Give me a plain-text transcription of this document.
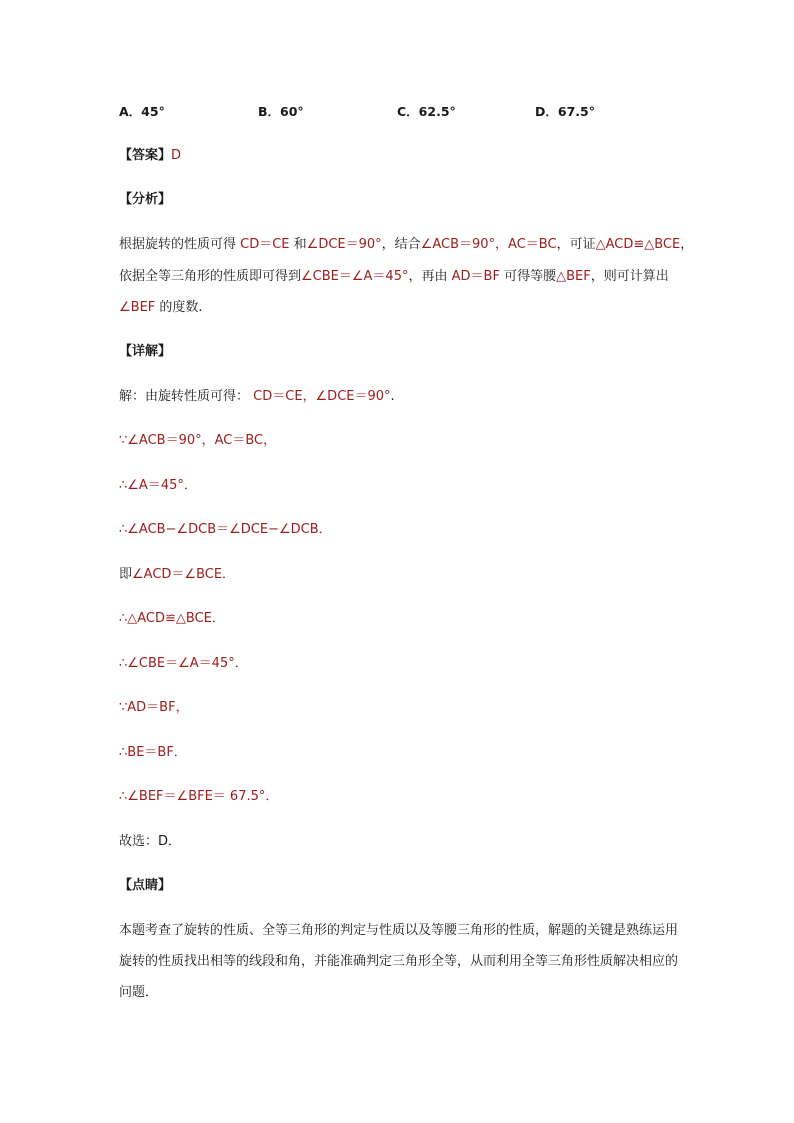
A．45°	B．60°	C．62.5°	D．67.5°
【答案】D
【分析】
根据旋转的性质可得 CD＝CE 和∠DCE＝90°，结合∠ACB＝90°，AC＝BC，可证△ACD≌△BCE，
依据全等三角形的性质即可得到∠CBE＝∠A＝45°，再由 AD＝BF 可得等腰△BEF，则可计算出
∠BEF 的度数.
【详解】
解：由旋转性质可得： CD＝CE，∠DCE＝90°.
∵∠ACB＝90°，AC＝BC，
∴∠A＝45°．
∴∠ACB−∠DCB＝∠DCE−∠DCB．
即∠ACD＝∠BCE．
∴△ACD≌△BCE．
∴∠CBE＝∠A＝45°．
∵AD＝BF，
∴BE＝BF．
∴∠BEF＝∠BFE＝ 67.5°．
故选：D．
【点睛】
本题考查了旋转的性质、全等三角形的判定与性质以及等腰三角形的性质，解题的关键是熟练运用旋转的性质找出相等的线段和角，并能准确判定三角形全等，从而利用全等三角形性质解决相应的问题．
